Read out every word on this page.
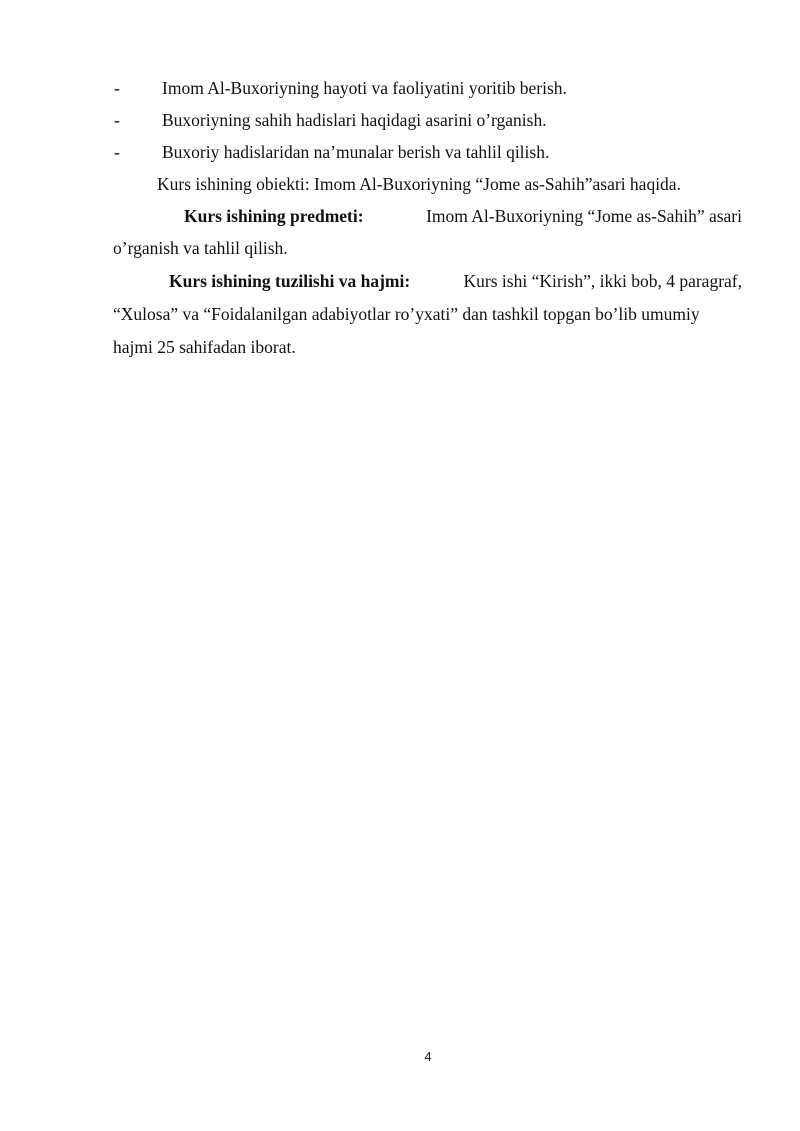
- Imom Al-Buxoriyning hayoti va faoliyatini yoritib berish.
- Buxoriyning sahih hadislari haqidagi asarini o’rganish.
- Buxoriy hadislaridan na’munalar berish va tahlil qilish.
Kurs ishining obiekti: Imom Al-Buxoriyning “Jome as-Sahih”asari haqida.
Kurs ishining predmeti:	Imom Al-Buxoriyning “Jome as-Sahih” asari
o’rganish va tahlil qilish.
Kurs ishining tuzilishi va hajmi:	Kurs ishi “Kirish”, ikki bob, 4 paragraf,
“Xulosa” va “Foidalanilgan adabiyotlar ro’yxati” dan tashkil topgan bo’lib umumiy
hajmi 25 sahifadan iborat.
4
